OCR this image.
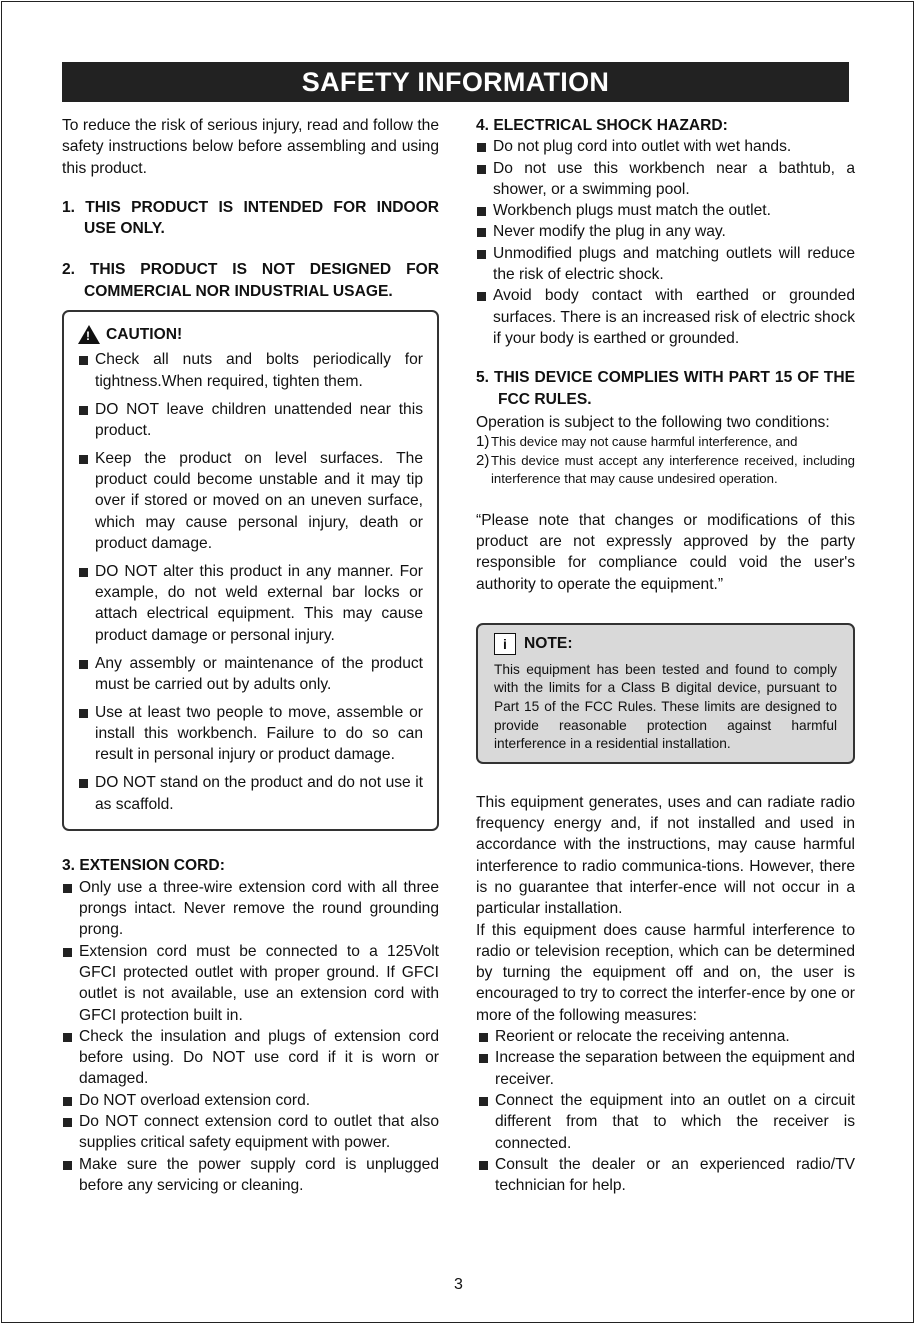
SAFETY INFORMATION

To reduce the risk of serious injury, read and follow the safety instructions below before assembling and using this product.

1. THIS PRODUCT IS INTENDED FOR INDOOR USE ONLY.

2. THIS PRODUCT IS NOT DESIGNED FOR COMMERCIAL NOR INDUSTRIAL USAGE.

! CAUTION!
Check all nuts and bolts periodically for tightness.When required, tighten them.
DO NOT leave children unattended near this product.
Keep the product on level surfaces. The product could become unstable and it may tip over if stored or moved on an uneven surface, which may cause personal injury, death or product damage.
DO NOT alter this product in any manner. For example, do not weld external bar locks or attach electrical equipment. This may cause product damage or personal injury.
Any assembly or maintenance of the product must be carried out by adults only.
Use at least two people to move, assemble or install this workbench. Failure to do so can result in personal injury or product damage.
DO NOT stand on the product and do not use it as scaffold.

3. EXTENSION CORD:

Only use a three-wire extension cord with all three prongs intact. Never remove the round grounding prong.
Extension cord must be connected to a 125Volt GFCI protected outlet with proper ground. If GFCI outlet is not available, use an extension cord with GFCI protection built in.
Check the insulation and plugs of extension cord before using. Do NOT use cord if it is worn or damaged.
Do NOT overload extension cord.
Do NOT connect extension cord to outlet that also supplies critical safety equipment with power.
Make sure the power supply cord is unplugged before any servicing or cleaning.

4. ELECTRICAL SHOCK HAZARD:

Do not plug cord into outlet with wet hands.
Do not use this workbench near a bathtub, a shower, or a swimming pool.
Workbench plugs must match the outlet.
Never modify the plug in any way.
Unmodified plugs and matching outlets will reduce the risk of electric shock.
Avoid body contact with earthed or grounded surfaces. There is an increased risk of electric shock if your body is earthed or grounded.

5. THIS DEVICE COMPLIES WITH PART 15 OF THE FCC RULES.

Operation is subject to the following two conditions:

1) This device may not cause harmful interference, and
2) This device must accept any interference received, including interference that may cause undesired operation.

“Please note that changes or modifications of this product are not expressly approved by the party responsible for compliance could void the user's authority to operate the equipment.”

i	NOTE:

This equipment has been tested and found to comply with the limits for a Class B digital device, pursuant to Part 15 of the FCC Rules. These limits are designed to provide reasonable protection against harmful interference in a residential installation.

This equipment generates, uses and can radiate radio frequency energy and, if not installed and used in accordance with the instructions, may cause harmful interference to radio communica-tions. However, there is no guarantee that interfer-ence will not occur in a particular installation.

If this equipment does cause harmful interference to radio or television reception, which can be determined by turning the equipment off and on, the user is encouraged to try to correct the interfer-ence by one or more of the following measures:

Reorient or relocate the receiving antenna.
Increase the separation between the equipment and receiver.
Connect the equipment into an outlet on a circuit different from that to which the receiver is connected.
Consult the dealer or an experienced radio/TV technician for help.
3
